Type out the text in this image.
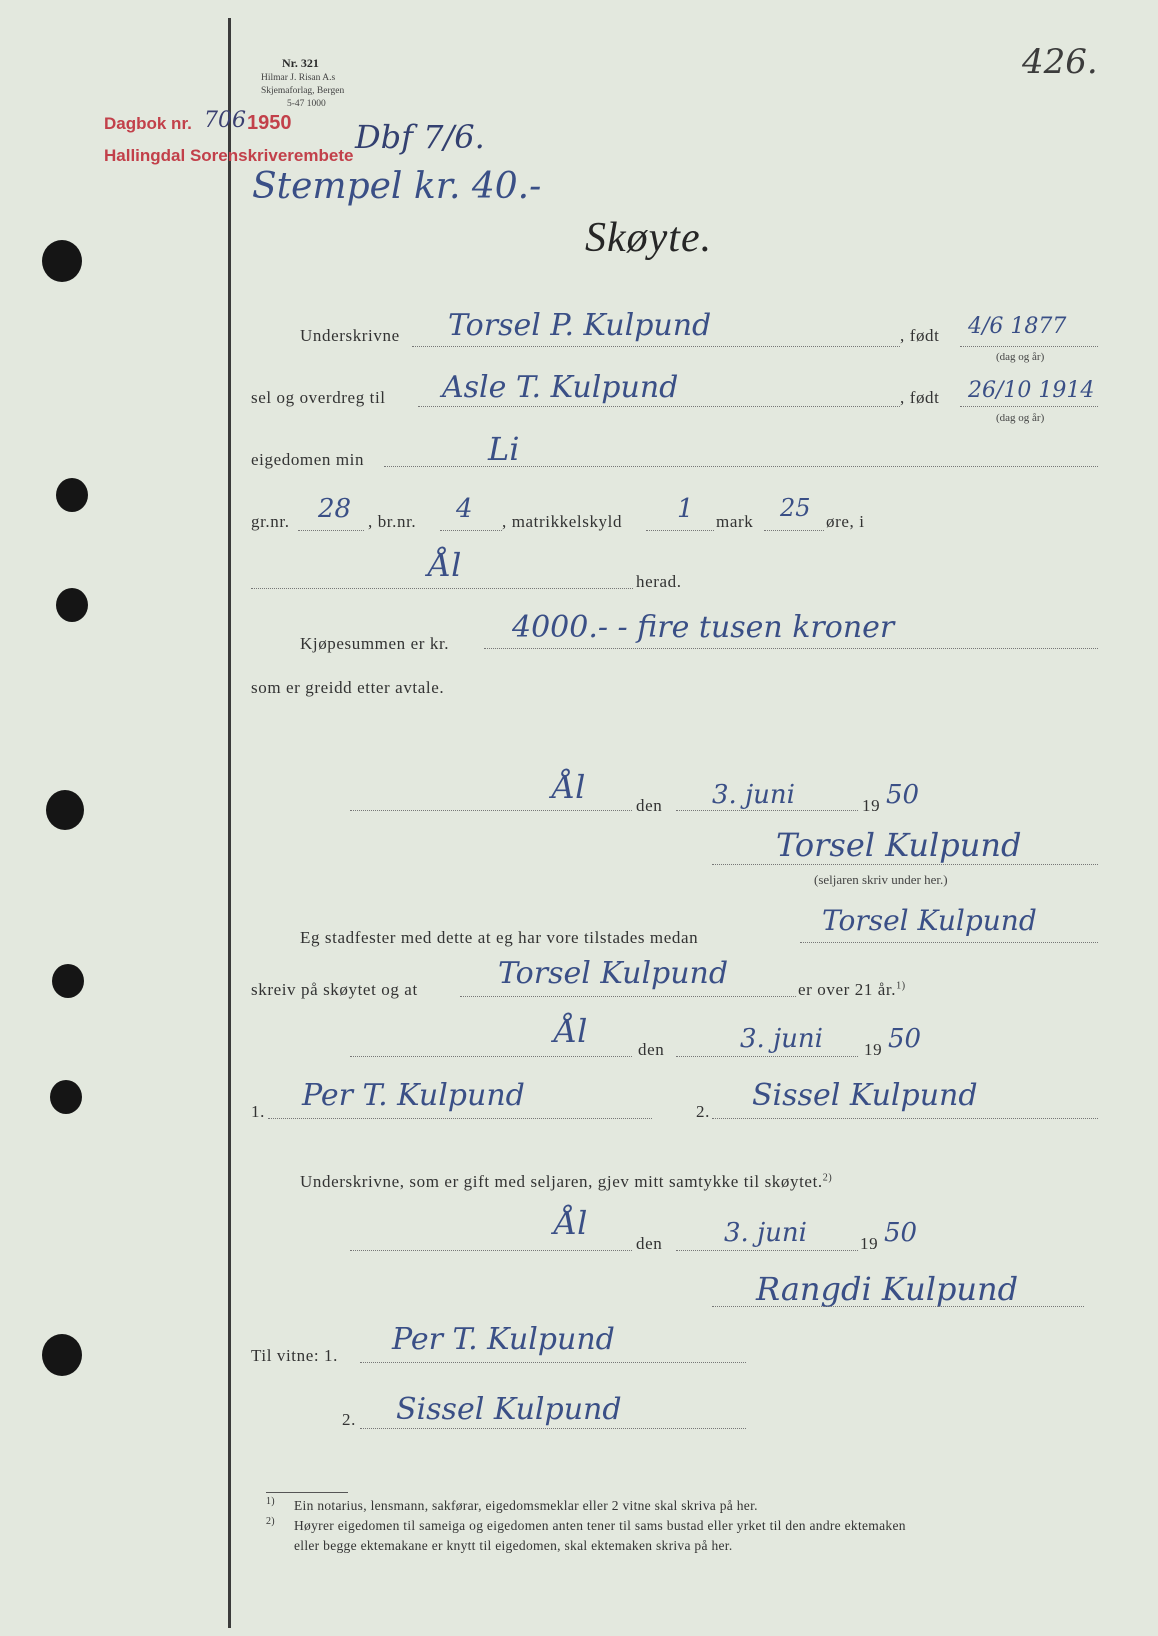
Nr. 321
Hilmar J. Risan A.s
Skjemaforlag, Bergen
5-47 1000
Dagbok nr.
Hallingdal Sorenskriverembete
706 1950 Dbf 7/6.
426.
Stempel kr. 40.-
Skøyte.
Underskrivne Torsel P. Kulpund	, født 4/6 1877
(dag og år)
sel og overdreg til Asle T. Kulpund	, født 26/10 1914
(dag og år)
eigedomen min	Li
gr.nr. 28 , br.nr. 4 , matrikkelskyld 1 mark 25 øre, i
Ål	herad.
Kjøpesummen er kr. 4000.- - fire tusen kroner
som er greidd etter avtale.
Ål	den 3. juni	19 50
Torsel Kulpund
(seljaren skriv under her.)
Eg stadfester med dette at eg har vore tilstades medan
Torsel Kulpund
skreiv på skøytet og at	Torsel Kulpund	er over 21 år.$^{1)}$
Ål	den	3. juni 19 50
1. Per T. Kulpund	2. Sissel Kulpund
Underskrivne, som er gift med seljaren, gjev mitt samtykke til skøytet.$^{2)}$
Ål
den 3. juni	19 50
Rangdi Kulpund
Til vitne: 1. Per T. Kulpund
2. Sissel Kulpund
1) Ein notarius, lensmann, sakførar, eigedomsmeklar eller 2 vitne skal skriva på her.
2) Høyrer eigedomen til sameiga og eigedomen anten tener til sams bustad eller yrket til den andre ektemaken
eller begge ektemakane er knytt til eigedomen, skal ektemaken skriva på her.
